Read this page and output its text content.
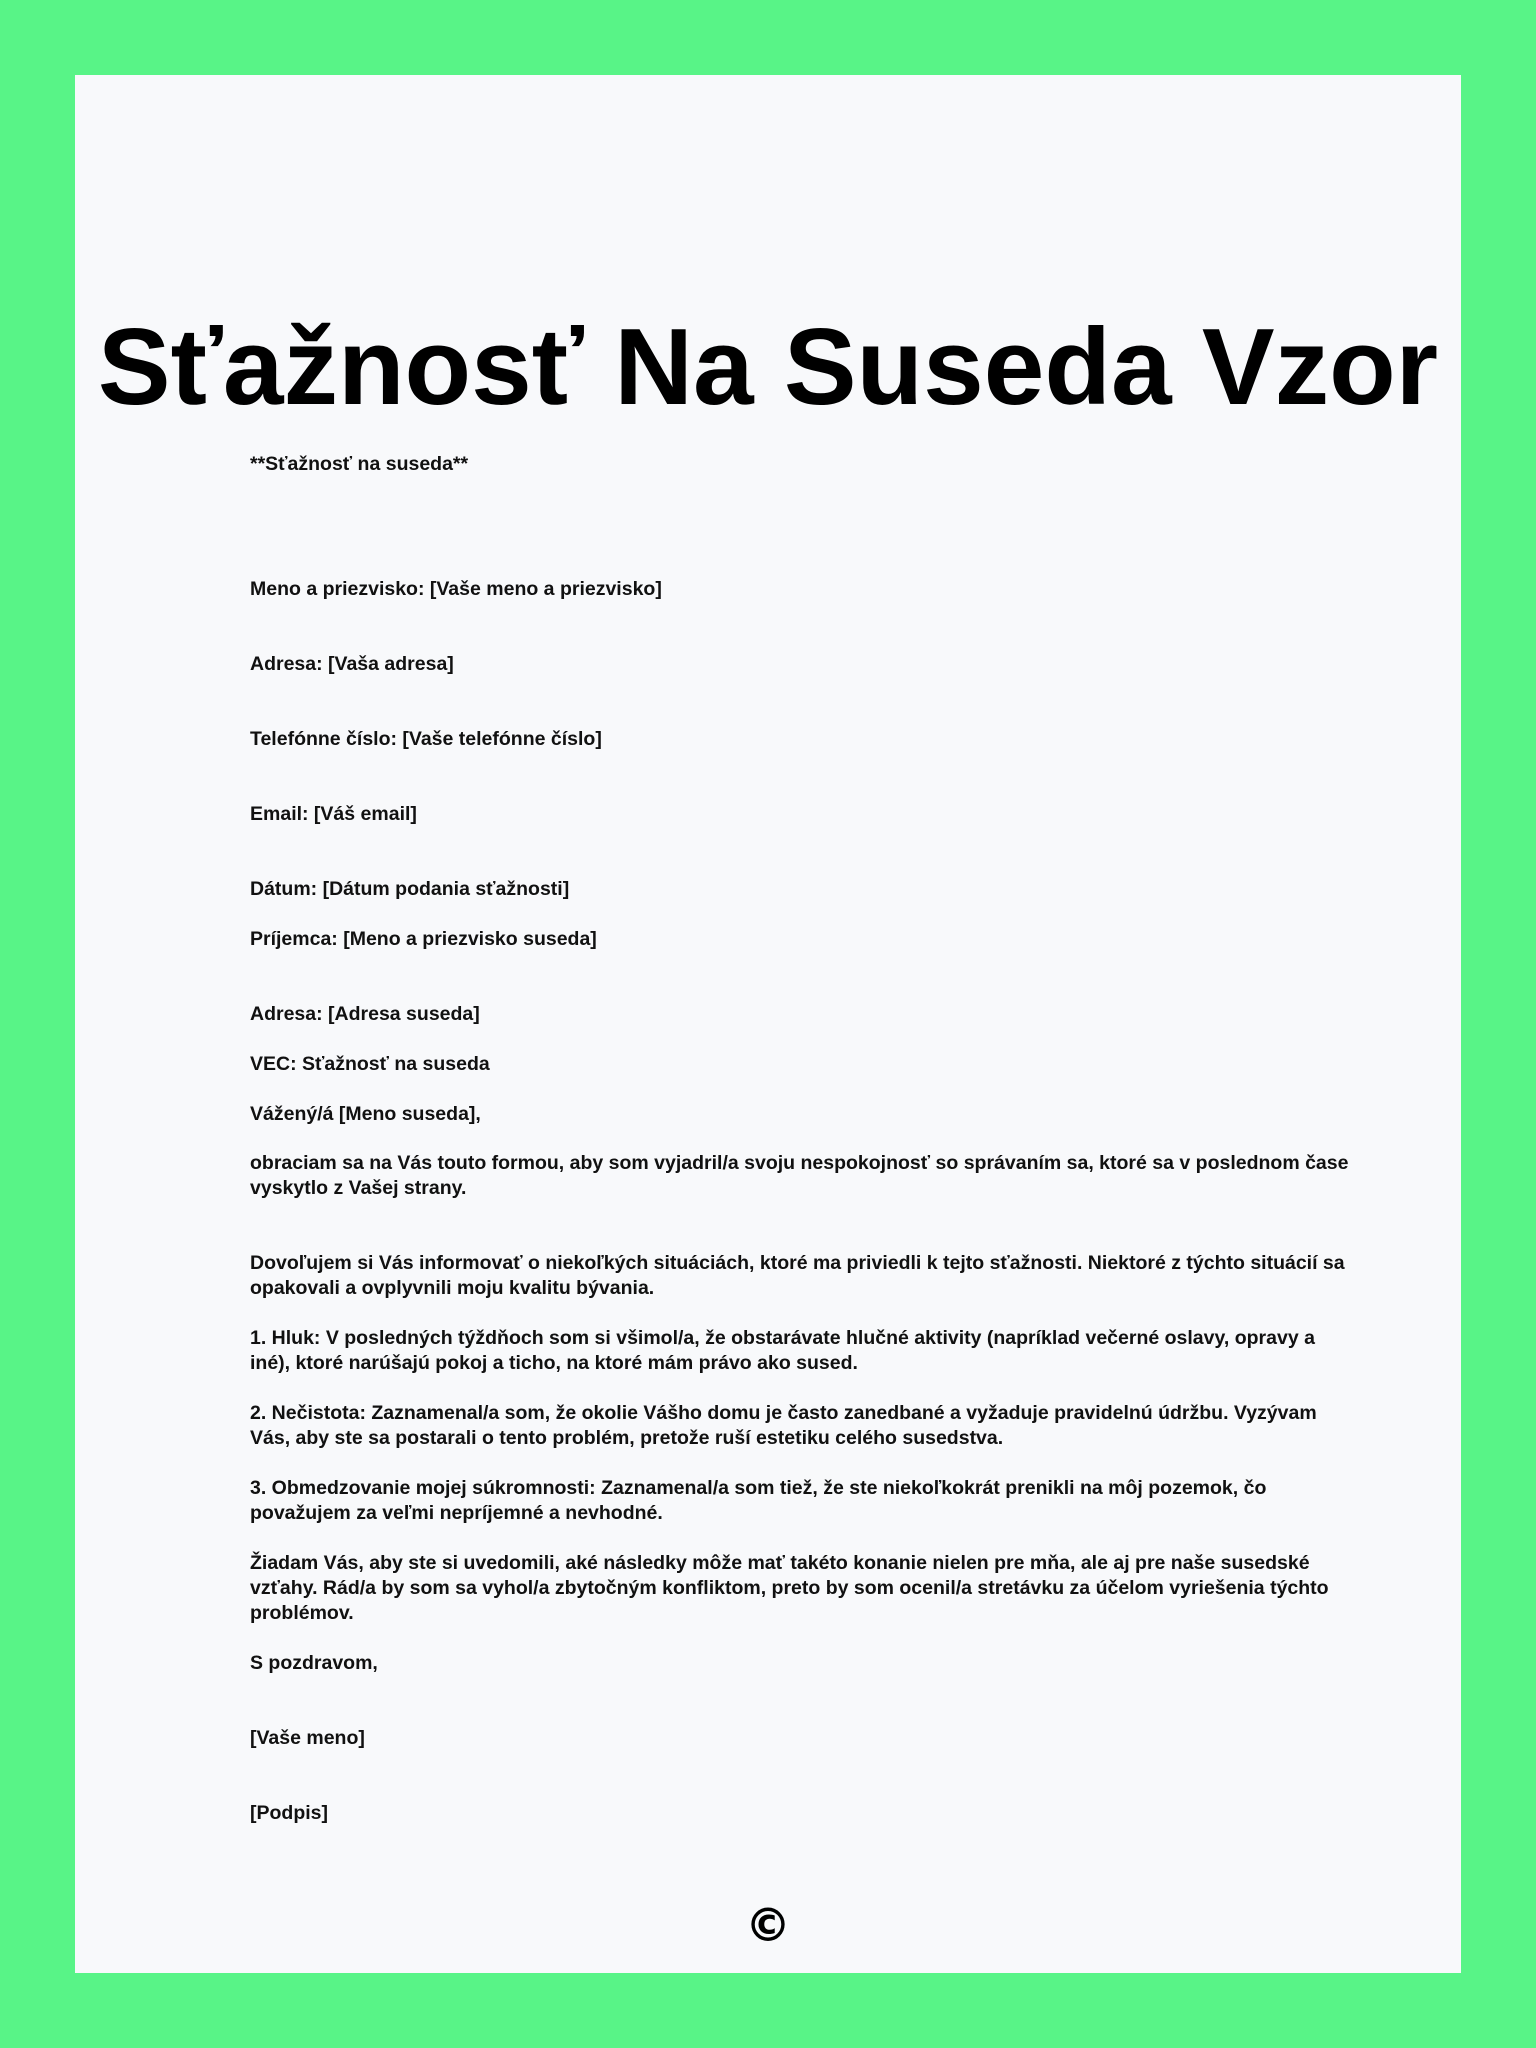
Sťažnosť Na Suseda Vzor

**Sťažnosť na suseda**

Meno a priezvisko: [Vaše meno a priezvisko]

Adresa: [Vaša adresa]

Telefónne číslo: [Vaše telefónne číslo]

Email: [Váš email]

Dátum: [Dátum podania sťažnosti]

Príjemca: [Meno a priezvisko suseda]

Adresa: [Adresa suseda]

VEC: Sťažnosť na suseda

Vážený/á [Meno suseda],

obraciam sa na Vás touto formou, aby som vyjadril/a svoju nespokojnosť so správaním sa, ktoré sa v poslednom čase vyskytlo z Vašej strany.

Dovoľujem si Vás informovať o niekoľkých situáciách, ktoré ma priviedli k tejto sťažnosti. Niektoré z týchto situácií sa opakovali a ovplyvnili moju kvalitu bývania.

1. Hluk: V posledných týždňoch som si všimol/a, že obstarávate hlučné aktivity (napríklad večerné oslavy, opravy a iné), ktoré narúšajú pokoj a ticho, na ktoré mám právo ako sused.

2. Nečistota: Zaznamenal/a som, že okolie Vášho domu je často zanedbané a vyžaduje pravidelnú údržbu. Vyzývam Vás, aby ste sa postarali o tento problém, pretože ruší estetiku celého susedstva.

3. Obmedzovanie mojej súkromnosti: Zaznamenal/a som tiež, že ste niekoľkokrát prenikli na môj pozemok, čo považujem za veľmi nepríjemné a nevhodné.

Žiadam Vás, aby ste si uvedomili, aké následky môže mať takéto konanie nielen pre mňa, ale aj pre naše susedské vzťahy. Rád/a by som sa vyhol/a zbytočným konfliktom, preto by som ocenil/a stretávku za účelom vyriešenia týchto problémov.

S pozdravom,

[Vaše meno]

[Podpis]

©
